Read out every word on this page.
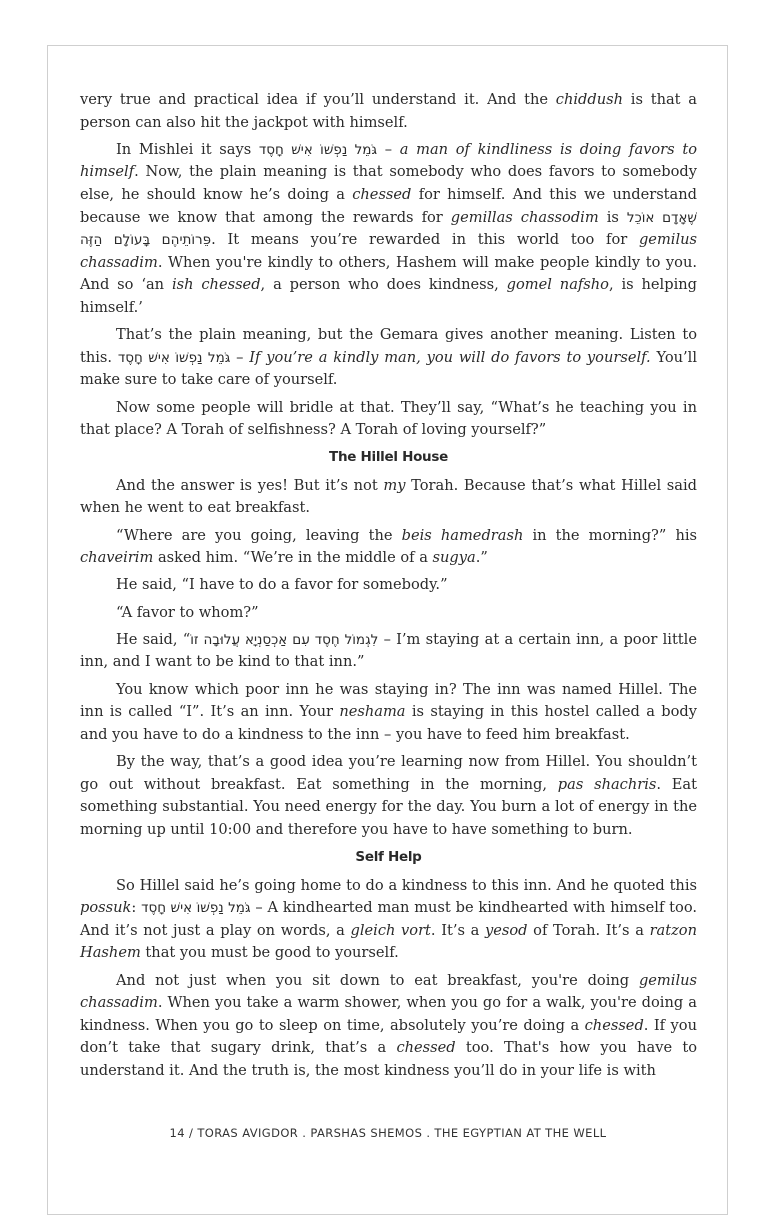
very true and practical idea if you’ll understand it. And the chiddush is that a person can also hit the jackpot with himself.

In Mishlei it says גֹּמֵל נַפְשׁוֹ אִישׁ חָסֶד – a man of kindliness is doing favors to himself. Now, the plain meaning is that somebody who does favors to somebody else, he should know he’s doing a chessed for himself. And this we understand because we know that among the rewards for gemillas chassodim is שֶׁאָדָם אוֹכֵל פֵּרוֹתֵיהֶם בָּעוֹלָם הַזֶּה. It means you’re rewarded in this world too for gemilus chassadim. When you're kindly to others, Hashem will make people kindly to you. And so ‘an ish chessed, a person who does kindness, gomel nafsho, is helping himself.’

That’s the plain meaning, but the Gemara gives another meaning. Listen to this. גֹּמֵל נַפְשׁוֹ אִישׁ חָסֶד – If you’re a kindly man, you will do favors to yourself. You’ll make sure to take care of yourself.

Now some people will bridle at that. They’ll say, “What’s he teaching you in that place? A Torah of selfishness? A Torah of loving yourself?”

The Hillel House

And the answer is yes! But it’s not my Torah. Because that’s what Hillel said when he went to eat breakfast.

“Where are you going, leaving the beis hamedrash in the morning?” his chaveirim asked him. “We’re in the middle of a sugya.”

He said, “I have to do a favor for somebody.”

“A favor to whom?”

He said, “לִגְמוֹל חֶסֶד עִם אַכְסַנְיָא עֲלוּבָה זוֹ – I’m staying at a certain inn, a poor little inn, and I want to be kind to that inn.”

You know which poor inn he was staying in? The inn was named Hillel. The inn is called “I”. It’s an inn. Your neshama is staying in this hostel called a body and you have to do a kindness to the inn – you have to feed him breakfast.

By the way, that’s a good idea you’re learning now from Hillel. You shouldn’t go out without breakfast. Eat something in the morning, pas shachris. Eat something substantial. You need energy for the day. You burn a lot of energy in the morning up until 10:00 and therefore you have to have something to burn.

Self Help

So Hillel said he’s going home to do a kindness to this inn. And he quoted this possuk: גֹּמֵל נַפְשׁוֹ אִישׁ חָסֶד – A kindhearted man must be kindhearted with himself too. And it’s not just a play on words, a gleich vort. It’s a yesod of Torah. It’s a ratzon Hashem that you must be good to yourself.

And not just when you sit down to eat breakfast, you're doing gemilus chassadim. When you take a warm shower, when you go for a walk, you're doing a kindness. When you go to sleep on time, absolutely you’re doing a chessed. If you don’t take that sugary drink, that’s a chessed too. That's how you have to understand it. And the truth is, the most kindness you’ll do in your life is with

14 / TORAS AVIGDOR . PARSHAS SHEMOS . THE EGYPTIAN AT THE WELL
